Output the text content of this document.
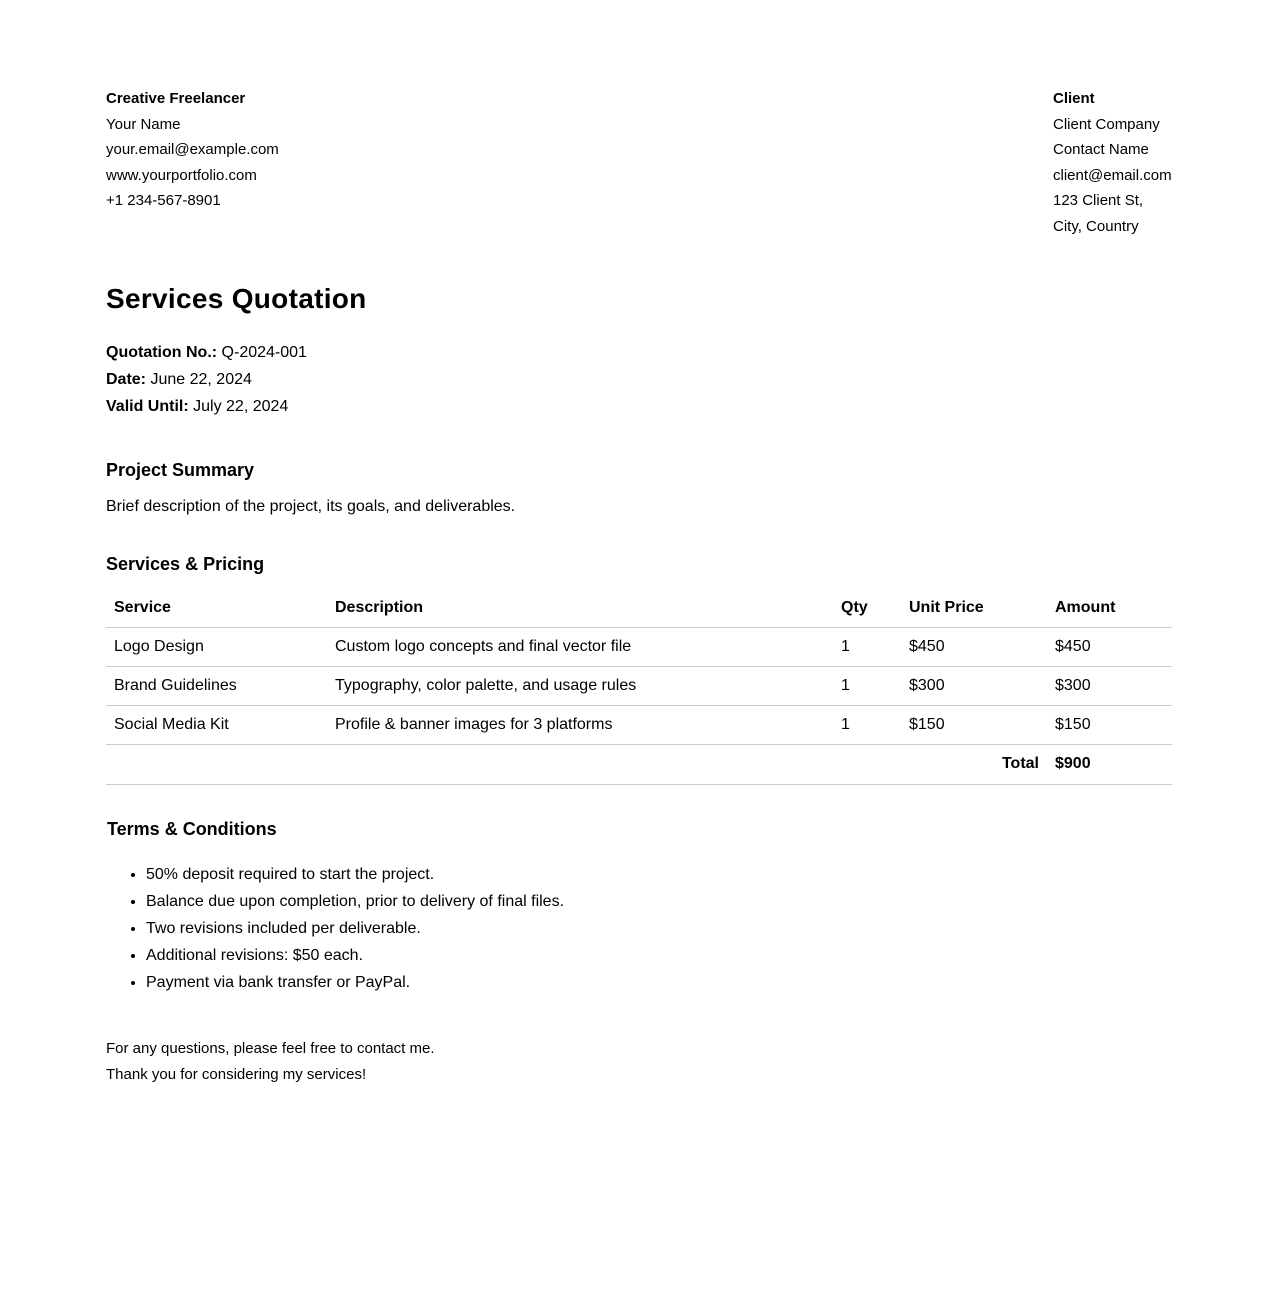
Creative Freelancer
Your Name
your.email@example.com
www.yourportfolio.com
+1 234-567-8901
Client
Client Company
Contact Name
client@email.com
123 Client St,
City, Country
Services Quotation
Quotation No.: Q-2024-001
Date: June 22, 2024
Valid Until: July 22, 2024
Project Summary

Brief description of the project, its goals, and deliverables.

Services & Pricing
Service	Description	Qty	Unit Price	Amount
Logo Design	Custom logo concepts and final vector file	1	$450	$450
Brand Guidelines	Typography, color palette, and usage rules	1	$300	$300
Social Media Kit	Profile & banner images for 3 platforms	1	$150	$150
Total				$900
Terms & Conditions
• 50% deposit required to start the project.
• Balance due upon completion, prior to delivery of final files.
• Two revisions included per deliverable.
• Additional revisions: $50 each.
• Payment via bank transfer or PayPal.
For any questions, please feel free to contact me.
Thank you for considering my services!
